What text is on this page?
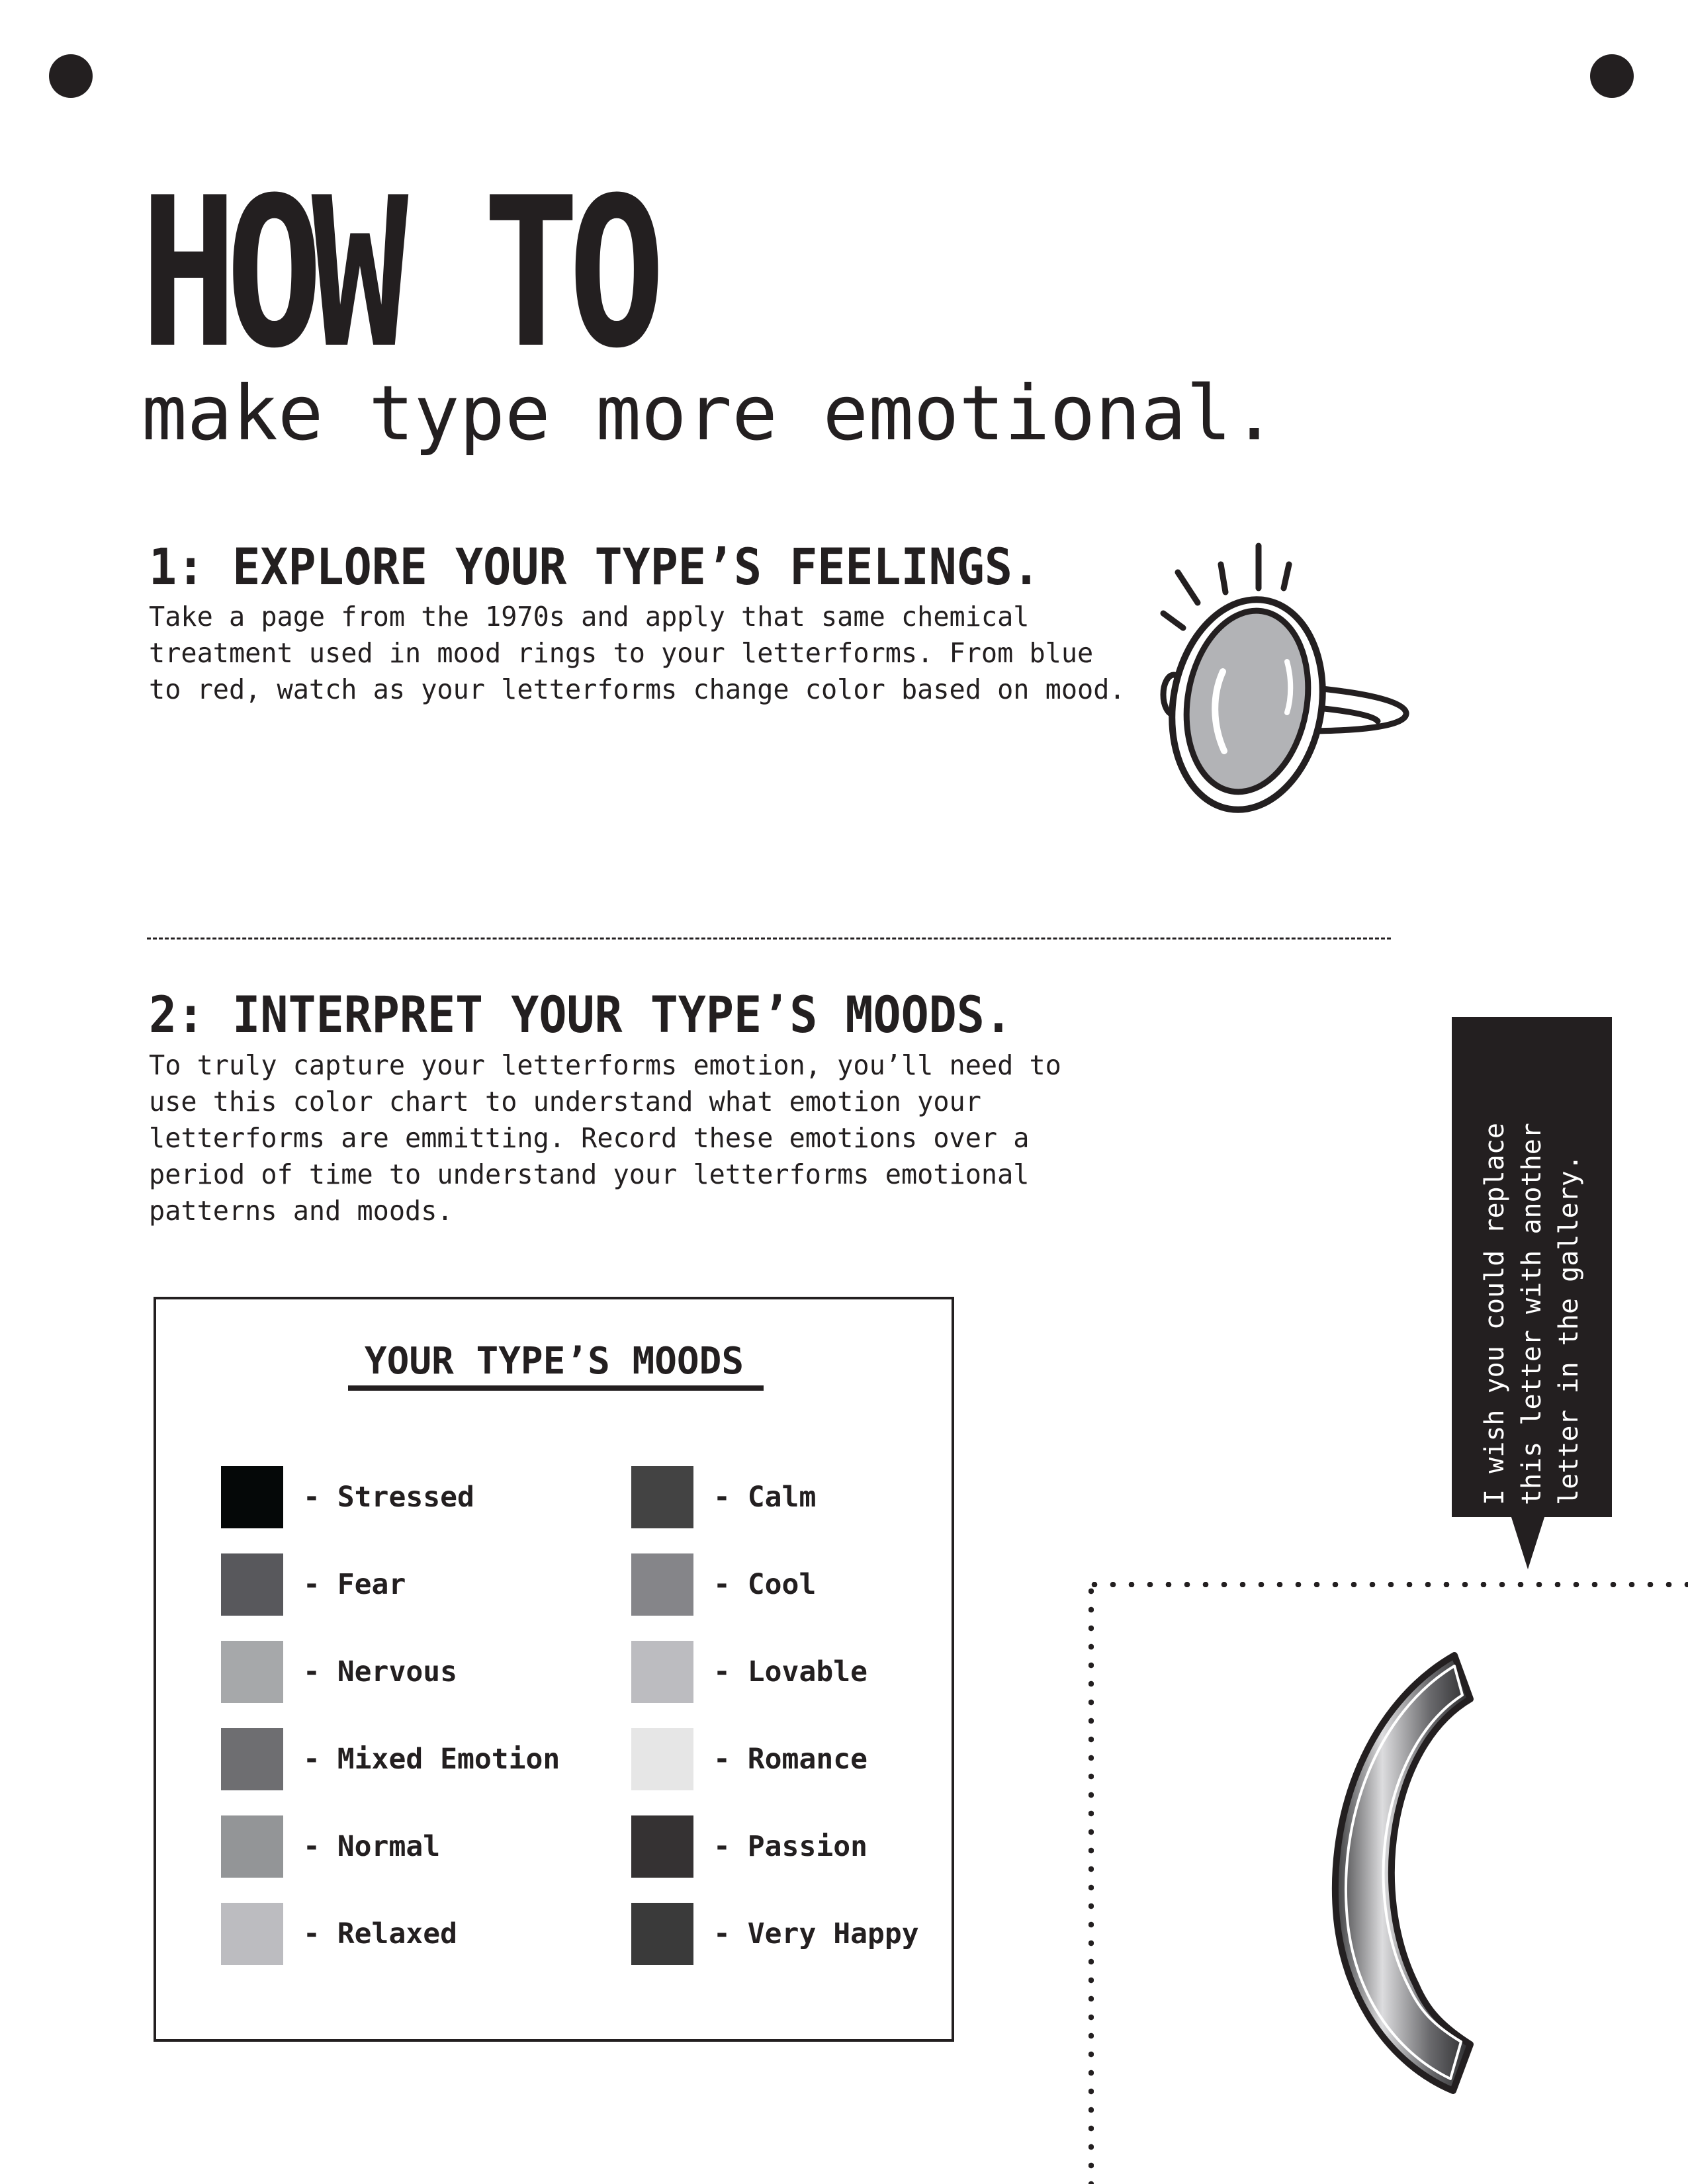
HOW TO
make type more emotional.
1: EXPLORE YOUR TYPE’S FEELINGS.

Take a page from the 1970s and apply that same chemical
treatment used in mood rings to your letterforms. From blue
to red, watch as your letterforms change color based on mood.

2: INTERPRET YOUR TYPE’S MOODS.

To truly capture your letterforms emotion, you’ll need to
use this color chart to understand what emotion your
letterforms are emmitting. Record these emotions over a
period of time to understand your letterforms emotional
patterns and moods.

YOUR TYPE’S MOODS
- Stressed
- Fear
- Nervous
- Mixed Emotion
- Normal
- Relaxed
- Calm
- Cool
- Lovable
- Romance
- Passion
- Very Happy
I wish you could replace
this letter with another
letter in the gallery.
